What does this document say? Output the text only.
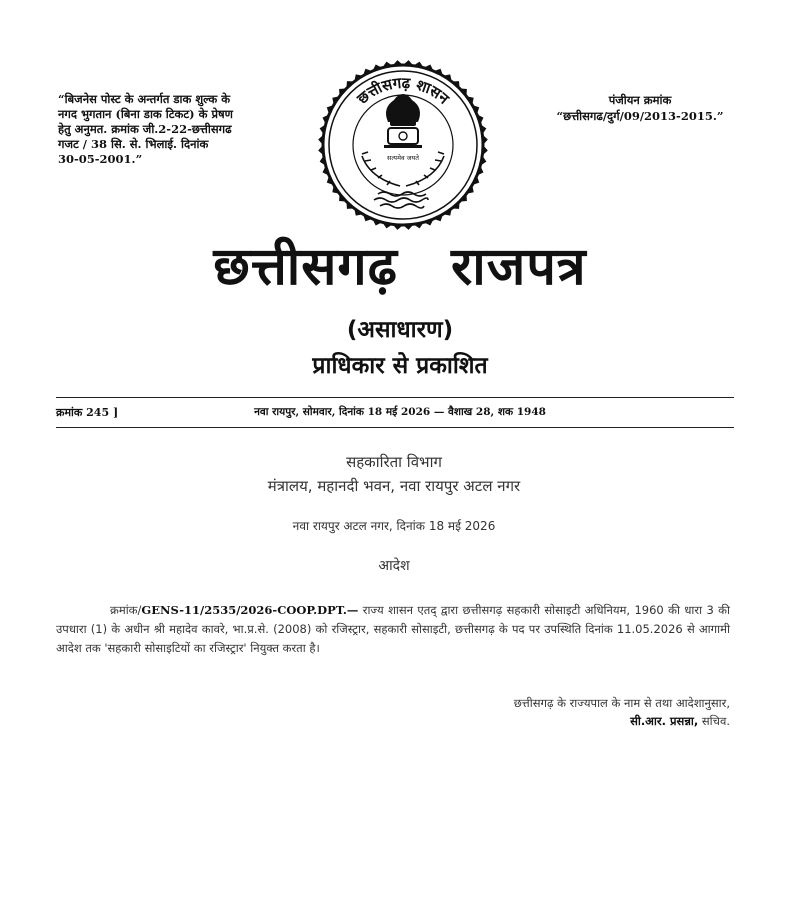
“बिजनेस पोस्ट के अन्तर्गत डाक शुल्क के
नगद भुगतान (बिना डाक टिकट) के प्रेषण
हेतु अनुमत. क्रमांक जी.2-22-छत्तीसगढ
गजट / 38 सि. से. भिलाई. दिनांक
30-05-2001.”
पंजीयन क्रमांक
“छत्तीसगढ/दुर्ग/09/2013-2015.”
छत्तीसगढ़ शासन
सत्यमेव जयते
छत्तीसगढ़ राजपत्र
(असाधारण)
प्राधिकार से प्रकाशित
क्रमांक 245 ]	नवा रायपुर, सोमवार, दिनांक 18 मई 2026 — वैशाख 28, शक 1948
सहकारिता विभाग
मंत्रालय, महानदी भवन, नवा रायपुर अटल नगर
नवा रायपुर अटल नगर, दिनांक 18 मई 2026
आदेश
क्रमांक/GENS-11/2535/2026-COOP.DPT.— राज्य शासन एतद् द्वारा छत्तीसगढ़ सहकारी सोसाइटी अधिनियम, 1960 की धारा 3 की उपधारा (1) के अधीन श्री महादेव कावरे, भा.प्र.से. (2008) को रजिस्ट्रार, सहकारी सोसाइटी, छत्तीसगढ़ के पद पर उपस्थिति दिनांक 11.05.2026 से आगामी आदेश तक 'सहकारी सोसाइटियों का रजिस्ट्रार' नियुक्त करता है।
छत्तीसगढ़ के राज्यपाल के नाम से तथा आदेशानुसार,
सी.आर. प्रसन्ना, सचिव.
